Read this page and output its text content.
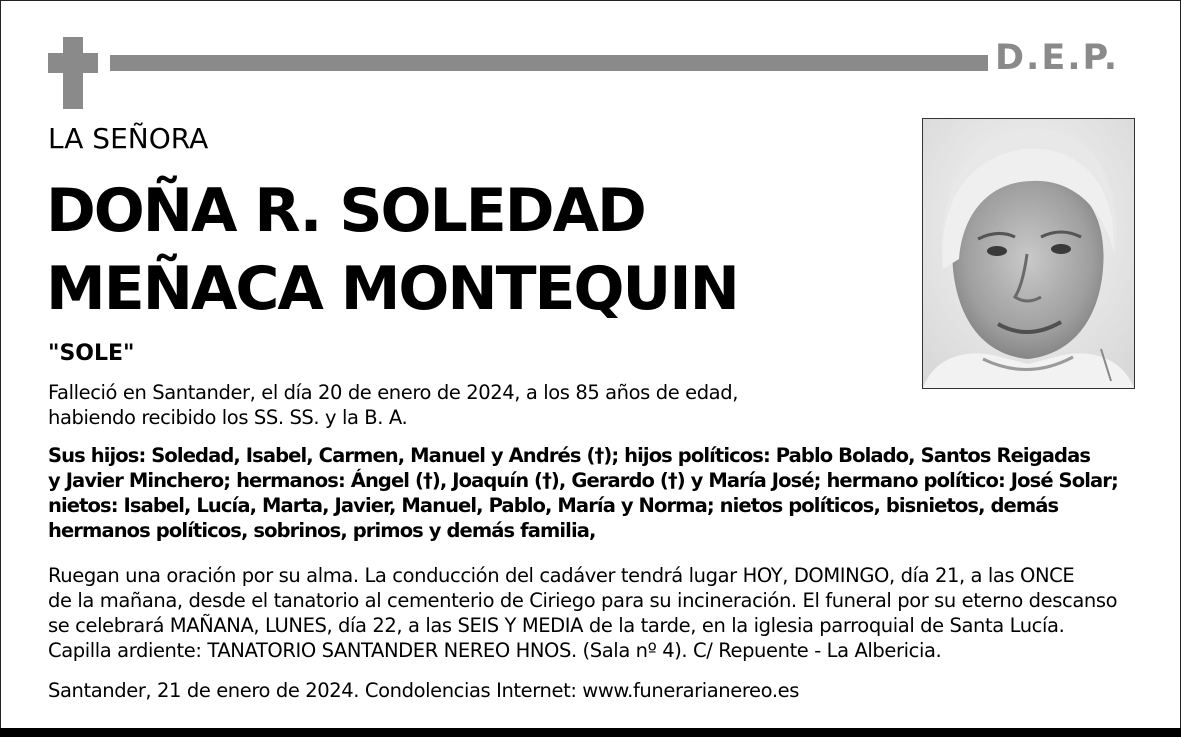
D.E.P.
LA SEÑORA
DOÑA R. SOLEDAD
MEÑACA MONTEQUIN
"SOLE"

Falleció en Santander, el día 20 de enero de 2024, a los 85 años de edad,

habiendo recibido los SS. SS. y la B. A.

Sus hijos: Soledad, Isabel, Carmen, Manuel y Andrés (†); hijos políticos: Pablo Bolado, Santos Reigadas

y Javier Minchero; hermanos: Ángel (†), Joaquín (†), Gerardo (†) y María José; hermano político: José Solar;

nietos: Isabel, Lucía, Marta, Javier, Manuel, Pablo, María y Norma; nietos políticos, bisnietos, demás

hermanos políticos, sobrinos, primos y demás familia,

Ruegan una oración por su alma. La conducción del cadáver tendrá lugar HOY, DOMINGO, día 21, a las ONCE

de la mañana, desde el tanatorio al cementerio de Ciriego para su incineración. El funeral por su eterno descanso

se celebrará MAÑANA, LUNES, día 22, a las SEIS Y MEDIA de la tarde, en la iglesia parroquial de Santa Lucía.

Capilla ardiente: TANATORIO SANTANDER NEREO HNOS. (Sala nº 4). C/ Repuente - La Albericia.

Santander, 21 de enero de 2024. Condolencias Internet: www.funerarianereo.es
